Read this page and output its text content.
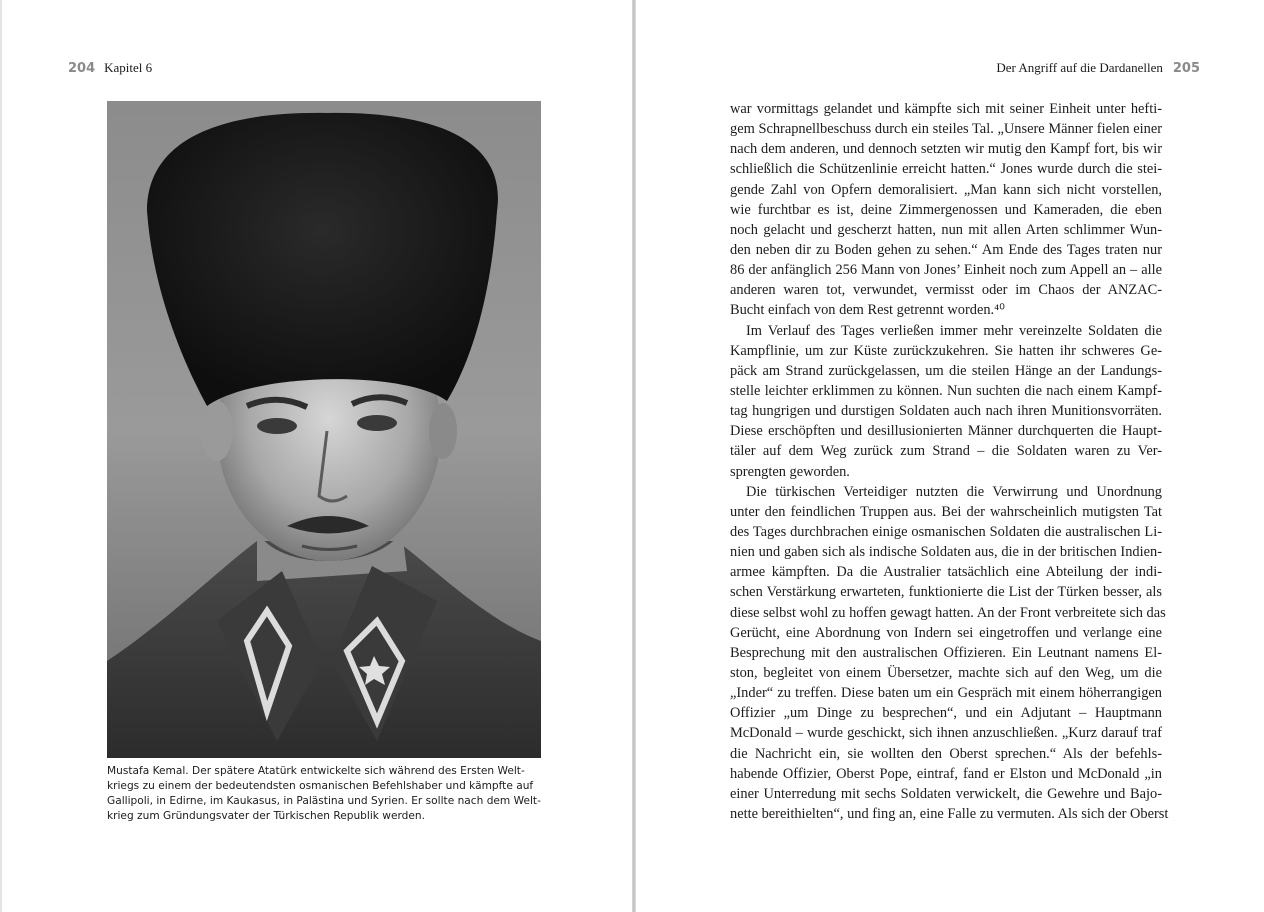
204 Kapitel 6
Mustafa Kemal. Der spätere Atatürk entwickelte sich während des Ersten Welt-
kriegs zu einem der bedeutendsten osmanischen Befehlshaber und kämpfte auf
Gallipoli, in Edirne, im Kaukasus, in Palästina und Syrien. Er sollte nach dem Welt-
krieg zum Gründungsvater der Türkischen Republik werden.
Der Angriff auf die Dardanellen 205
war vormittags gelandet und kämpfte sich mit seiner Einheit unter hefti-
gem Schrapnellbeschuss durch ein steiles Tal. „Unsere Männer fielen einer
nach dem anderen, und dennoch setzten wir mutig den Kampf fort, bis wir
schließlich die Schützenlinie erreicht hatten.“ Jones wurde durch die stei-
gende Zahl von Opfern demoralisiert. „Man kann sich nicht vorstellen,
wie furchtbar es ist, deine Zimmergenossen und Kameraden, die eben
noch gelacht und gescherzt hatten, nun mit allen Arten schlimmer Wun-
den neben dir zu Boden gehen zu sehen.“ Am Ende des Tages traten nur
86 der anfänglich 256 Mann von Jones’ Einheit noch zum Appell an – alle
anderen waren tot, verwundet, vermisst oder im Chaos der ANZAC-
Bucht einfach von dem Rest getrennt worden.⁴⁰
Im Verlauf des Tages verließen immer mehr vereinzelte Soldaten die
Kampflinie, um zur Küste zurückzukehren. Sie hatten ihr schweres Ge-
päck am Strand zurückgelassen, um die steilen Hänge an der Landungs-
stelle leichter erklimmen zu können. Nun suchten die nach einem Kampf-
tag hungrigen und durstigen Soldaten auch nach ihren Munitionsvorräten.
Diese erschöpften und desillusionierten Männer durchquerten die Haupt-
täler auf dem Weg zurück zum Strand – die Soldaten waren zu Ver-
sprengten geworden.
Die türkischen Verteidiger nutzten die Verwirrung und Unordnung
unter den feindlichen Truppen aus. Bei der wahrscheinlich mutigsten Tat
des Tages durchbrachen einige osmanischen Soldaten die australischen Li-
nien und gaben sich als indische Soldaten aus, die in der britischen Indien-
armee kämpften. Da die Australier tatsächlich eine Abteilung der indi-
schen Verstärkung erwarteten, funktionierte die List der Türken besser, als
diese selbst wohl zu hoffen gewagt hatten. An der Front verbreitete sich das
Gerücht, eine Abordnung von Indern sei eingetroffen und verlange eine
Besprechung mit den australischen Offizieren. Ein Leutnant namens El-
ston, begleitet von einem Übersetzer, machte sich auf den Weg, um die
„Inder“ zu treffen. Diese baten um ein Gespräch mit einem höherrangigen
Offizier „um Dinge zu besprechen“, und ein Adjutant – Hauptmann
McDonald – wurde geschickt, sich ihnen anzuschließen. „Kurz darauf traf
die Nachricht ein, sie wollten den Oberst sprechen.“ Als der befehls-
habende Offizier, Oberst Pope, eintraf, fand er Elston und McDonald „in
einer Unterredung mit sechs Soldaten verwickelt, die Gewehre und Bajo-
nette bereithielten“, und fing an, eine Falle zu vermuten. Als sich der Oberst
